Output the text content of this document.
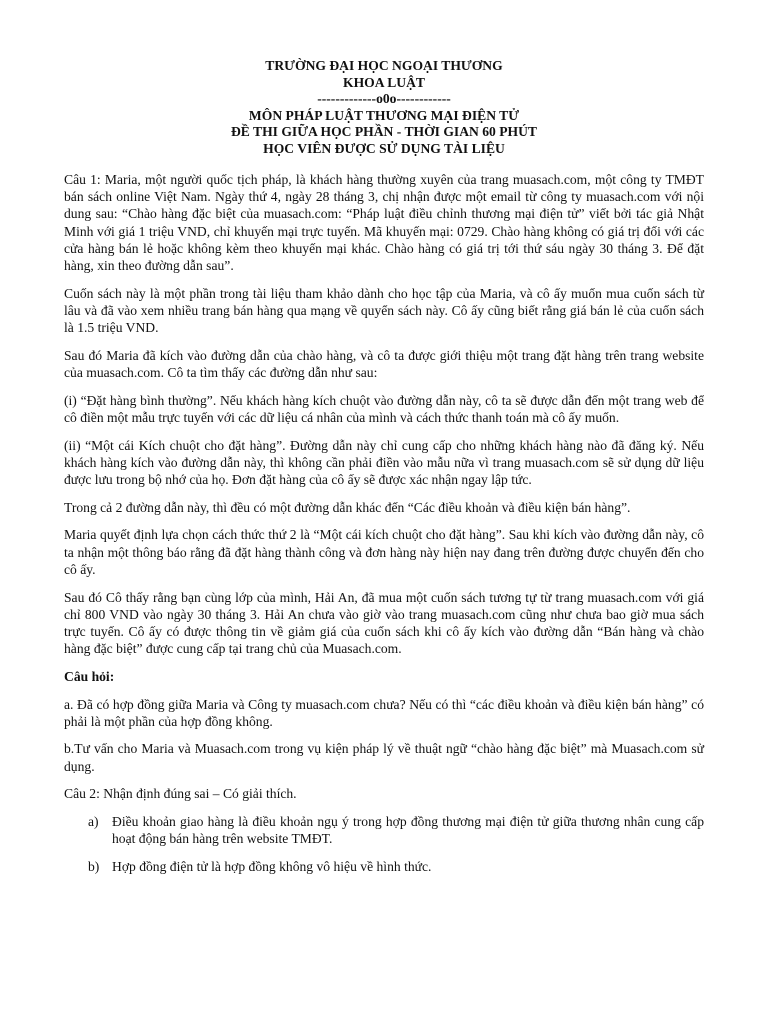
TRƯỜNG ĐẠI HỌC NGOẠI THƯƠNG
KHOA LUẬT
-------------o0o------------
MÔN PHÁP LUẬT THƯƠNG MẠI ĐIỆN TỬ
ĐỀ THI GIỮA HỌC PHẦN - THỜI GIAN 60 PHÚT
HỌC VIÊN ĐƯỢC SỬ DỤNG TÀI LIỆU

Câu 1: Maria, một người quốc tịch pháp, là khách hàng thường xuyên của trang muasach.com, một công ty TMĐT bán sách online Việt Nam. Ngày thứ 4, ngày 28 tháng 3, chị nhận được một email từ công ty muasach.com với nội dung sau: “Chào hàng đặc biệt của muasach.com: “Pháp luật điều chỉnh thương mại điện tử” viết bởi tác giả Nhật Minh với giá 1 triệu VND, chỉ khuyến mại trực tuyến. Mã khuyến mại: 0729. Chào hàng không có giá trị đối với các cửa hàng bán lẻ hoặc không kèm theo khuyến mại khác. Chào hàng có giá trị tới thứ sáu ngày 30 tháng 3. Để đặt hàng, xin theo đường dẫn sau”.

Cuốn sách này là một phần trong tài liệu tham khảo dành cho học tập của Maria, và cô ấy muốn mua cuốn sách từ lâu và đã vào xem nhiều trang bán hàng qua mạng về quyển sách này. Cô ấy cũng biết rằng giá bán lẻ của cuốn sách là 1.5 triệu VND.

Sau đó Maria đã kích vào đường dẫn của chào hàng, và cô ta được giới thiệu một trang đặt hàng trên trang website của muasach.com. Cô ta tìm thấy các đường dẫn như sau:

(i) “Đặt hàng bình thường”. Nếu khách hàng kích chuột vào đường dẫn này, cô ta sẽ được dẫn đến một trang web để cô điền một mẫu trực tuyến với các dữ liệu cá nhân của mình và cách thức thanh toán mà cô ấy muốn.

(ii) “Một cái Kích chuột cho đặt hàng”. Đường dẫn này chỉ cung cấp cho những khách hàng nào đã đăng ký. Nếu khách hàng kích vào đường dẫn này, thì không cần phải điền vào mẫu nữa vì trang muasach.com sẽ sử dụng dữ liệu được lưu trong bộ nhớ của họ. Đơn đặt hàng của cô ấy sẽ được xác nhận ngay lập tức.

Trong cả 2 đường dẫn này, thì đều có một đường dẫn khác đến “Các điều khoản và điều kiện bán hàng”.

Maria quyết định lựa chọn cách thức thứ 2 là “Một cái kích chuột cho đặt hàng”. Sau khi kích vào đường dẫn này, cô ta nhận một thông báo rằng đã đặt hàng thành công và đơn hàng này hiện nay đang trên đường được chuyển đến cho cô ấy.

Sau đó Cô thấy rằng bạn cùng lớp của mình, Hải An, đã mua một cuốn sách tương tự từ trang muasach.com với giá chỉ 800 VND vào ngày 30 tháng 3. Hải An chưa vào giờ vào trang muasach.com cũng như chưa bao giờ mua sách trực tuyến. Cô ấy có được thông tin về giảm giá của cuốn sách khi cô ấy kích vào đường dẫn “Bán hàng và chào hàng đặc biệt” được cung cấp tại trang chủ của Muasach.com.

Câu hỏi:

a. Đã có hợp đồng giữa Maria và Công ty muasach.com chưa? Nếu có thì “các điều khoản và điều kiện bán hàng” có phải là một phần của hợp đồng không.

b.Tư vấn cho Maria và Muasach.com trong vụ kiện pháp lý về thuật ngữ “chào hàng đặc biệt” mà Muasach.com sử dụng.

Câu 2: Nhận định đúng sai – Có giải thích.

a) Điều khoản giao hàng là điều khoản ngụ ý trong hợp đồng thương mại điện tử giữa thương nhân cung cấp hoạt động bán hàng trên website TMĐT.
b) Hợp đồng điện tử là hợp đồng không vô hiệu về hình thức.
